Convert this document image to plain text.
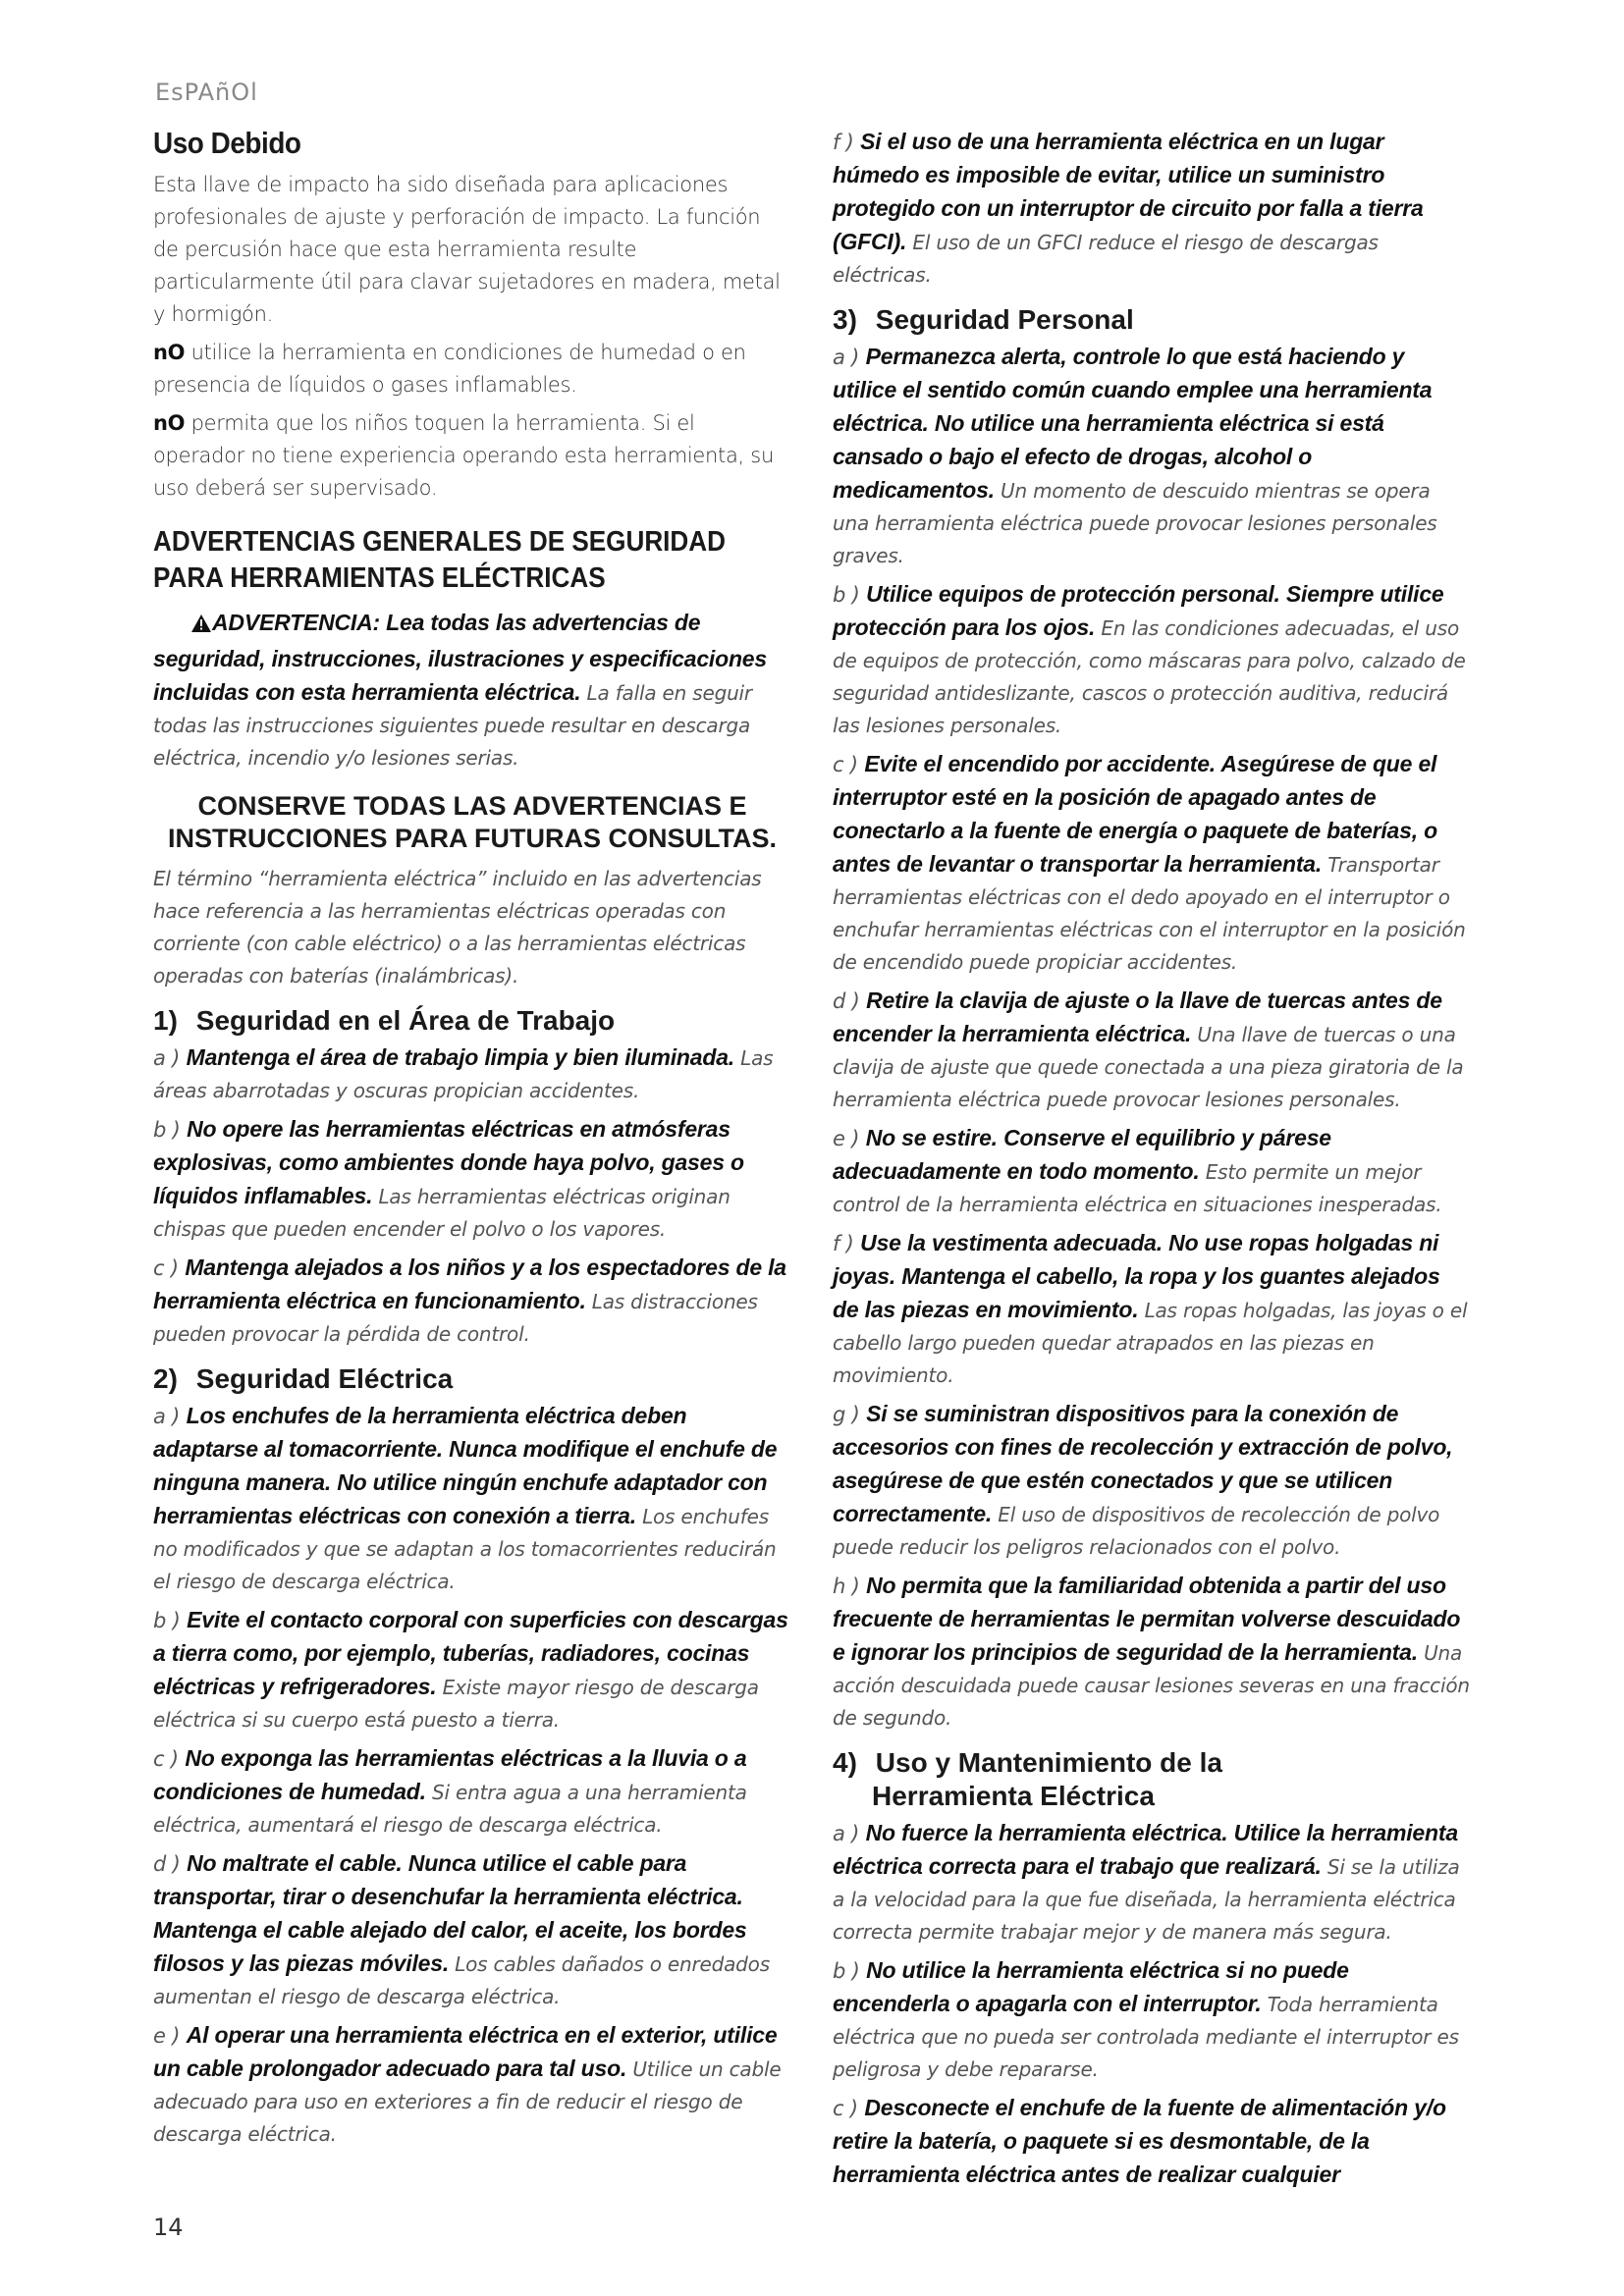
EsPAñOl
Uso Debido

Esta llave de impacto ha sido diseñada para aplicaciones profesionales de ajuste y perforación de impacto. La función de percusión hace que esta herramienta resulte particularmente útil para clavar sujetadores en madera, metal y hormigón.

nO utilice la herramienta en condiciones de humedad o en presencia de líquidos o gases inflamables.

nO permita que los niños toquen la herramienta. Si el operador no tiene experiencia operando esta herramienta, su uso deberá ser supervisado.

ADVERTENCIAS GENERALES DE SEGURIDAD PARA HERRAMIENTAS ELÉCTRICAS

ADVERTENCIA: Lea todas las advertencias de seguridad, instrucciones, ilustraciones y especificaciones incluidas con esta herramienta eléctrica. La falla en seguir todas las instrucciones siguientes puede resultar en descarga eléctrica, incendio y/o lesiones serias.

CONSERVE TODAS LAS ADVERTENCIAS E INSTRUCCIONES PARA FUTURAS CONSULTAS.

El término “herramienta eléctrica” incluido en las advertencias hace referencia a las herramientas eléctricas operadas con corriente (con cable eléctrico) o a las herramientas eléctricas operadas con baterías (inalámbricas).

1) Seguridad en el Área de Trabajo

a ) Mantenga el área de trabajo limpia y bien iluminada. Las áreas abarrotadas y oscuras propician accidentes.

b ) No opere las herramientas eléctricas en atmósferas explosivas, como ambientes donde haya polvo, gases o líquidos inflamables. Las herramientas eléctricas originan chispas que pueden encender el polvo o los vapores.

c ) Mantenga alejados a los niños y a los espectadores de la herramienta eléctrica en funcionamiento. Las distracciones pueden provocar la pérdida de control.

2) Seguridad Eléctrica

a ) Los enchufes de la herramienta eléctrica deben adaptarse al tomacorriente. Nunca modifique el enchufe de ninguna manera. No utilice ningún enchufe adaptador con herramientas eléctricas con conexión a tierra. Los enchufes no modificados y que se adaptan a los tomacorrientes reducirán el riesgo de descarga eléctrica.

b ) Evite el contacto corporal con superficies con descargas a tierra como, por ejemplo, tuberías, radiadores, cocinas eléctricas y refrigeradores. Existe mayor riesgo de descarga eléctrica si su cuerpo está puesto a tierra.

c ) No exponga las herramientas eléctricas a la lluvia o a condiciones de humedad. Si entra agua a una herramienta eléctrica, aumentará el riesgo de descarga eléctrica.

d ) No maltrate el cable. Nunca utilice el cable para transportar, tirar o desenchufar la herramienta eléctrica. Mantenga el cable alejado del calor, el aceite, los bordes filosos y las piezas móviles. Los cables dañados o enredados aumentan el riesgo de descarga eléctrica.

e ) Al operar una herramienta eléctrica en el exterior, utilice un cable prolongador adecuado para tal uso. Utilice un cable adecuado para uso en exteriores a fin de reducir el riesgo de descarga eléctrica.

f ) Si el uso de una herramienta eléctrica en un lugar húmedo es imposible de evitar, utilice un suministro protegido con un interruptor de circuito por falla a tierra (GFCI). El uso de un GFCI reduce el riesgo de descargas eléctricas.

3) Seguridad Personal

a ) Permanezca alerta, controle lo que está haciendo y utilice el sentido común cuando emplee una herramienta eléctrica. No utilice una herramienta eléctrica si está cansado o bajo el efecto de drogas, alcohol o medicamentos. Un momento de descuido mientras se opera una herramienta eléctrica puede provocar lesiones personales graves.

b ) Utilice equipos de protección personal. Siempre utilice protección para los ojos. En las condiciones adecuadas, el uso de equipos de protección, como máscaras para polvo, calzado de seguridad antideslizante, cascos o protección auditiva, reducirá las lesiones personales.

c ) Evite el encendido por accidente. Asegúrese de que el interruptor esté en la posición de apagado antes de conectarlo a la fuente de energía o paquete de baterías, o antes de levantar o transportar la herramienta. Transportar herramientas eléctricas con el dedo apoyado en el interruptor o enchufar herramientas eléctricas con el interruptor en la posición de encendido puede propiciar accidentes.

d ) Retire la clavija de ajuste o la llave de tuercas antes de encender la herramienta eléctrica. Una llave de tuercas o una clavija de ajuste que quede conectada a una pieza giratoria de la herramienta eléctrica puede provocar lesiones personales.

e ) No se estire. Conserve el equilibrio y párese adecuadamente en todo momento. Esto permite un mejor control de la herramienta eléctrica en situaciones inesperadas.

f ) Use la vestimenta adecuada. No use ropas holgadas ni joyas. Mantenga el cabello, la ropa y los guantes alejados de las piezas en movimiento. Las ropas holgadas, las joyas o el cabello largo pueden quedar atrapados en las piezas en movimiento.

g ) Si se suministran dispositivos para la conexión de accesorios con fines de recolección y extracción de polvo, asegúrese de que estén conectados y que se utilicen correctamente. El uso de dispositivos de recolección de polvo puede reducir los peligros relacionados con el polvo.

h ) No permita que la familiaridad obtenida a partir del uso frecuente de herramientas le permitan volverse descuidado e ignorar los principios de seguridad de la herramienta. Una acción descuidada puede causar lesiones severas en una fracción de segundo.

4) Uso y Mantenimiento de la
Herramienta Eléctrica

a ) No fuerce la herramienta eléctrica. Utilice la herramienta eléctrica correcta para el trabajo que realizará. Si se la utiliza a la velocidad para la que fue diseñada, la herramienta eléctrica correcta permite trabajar mejor y de manera más segura.

b ) No utilice la herramienta eléctrica si no puede encenderla o apagarla con el interruptor. Toda herramienta eléctrica que no pueda ser controlada mediante el interruptor es peligrosa y debe repararse.

c ) Desconecte el enchufe de la fuente de alimentación y/o retire la batería, o paquete si es desmontable, de la herramienta eléctrica antes de realizar cualquier

14
